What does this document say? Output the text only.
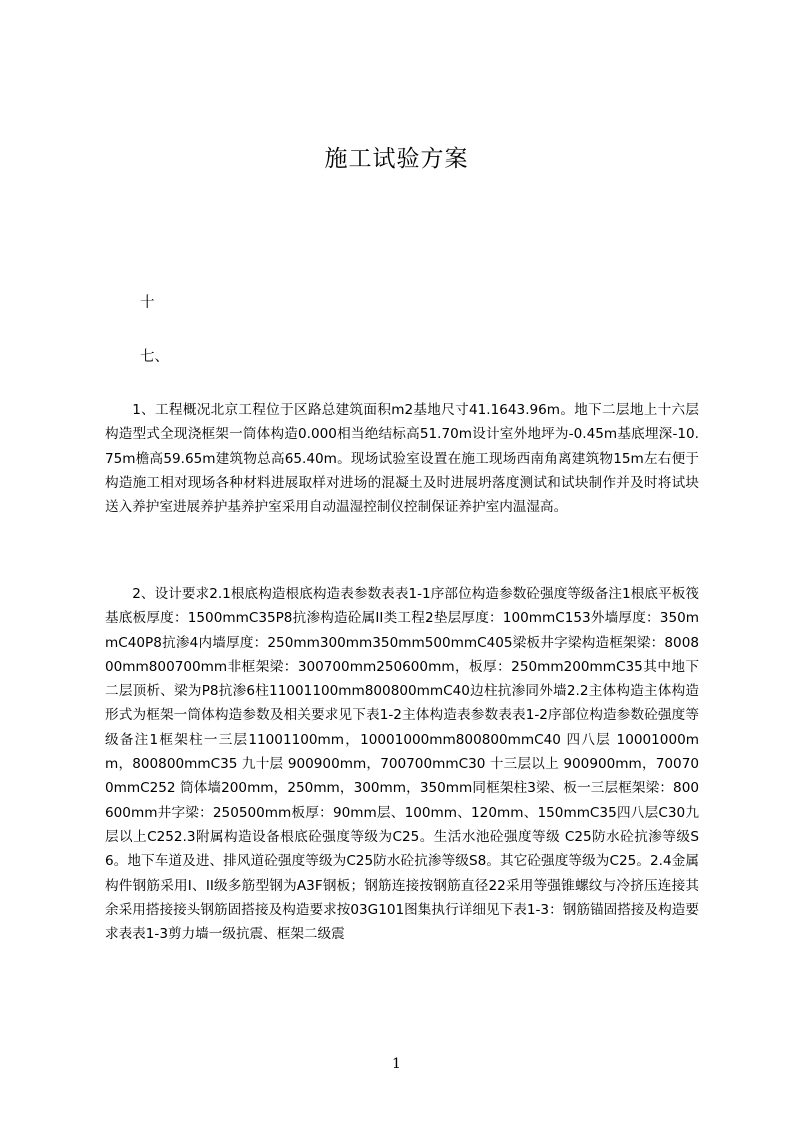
施工试验方案

十

七、

1、工程概况北京工程位于区路总建筑面积m2基地尺寸41.1643.96m。地下二层地上十六层构造型式全现浇框架一筒体构造0.000相当绝结标高51.70m设计室外地坪为-0.45m基底埋深-10.75m檐高59.65m建筑物总高65.40m。现场试验室设置在施工现场西南角离建筑物15m左右便于构造施工相对现场各种材料进展取样对进场的混凝土及时进展坍落度测试和试块制作并及时将试块送入养护室进展养护基养护室采用自动温湿控制仪控制保证养护室内温湿高。

2、设计要求2.1根底构造根底构造表参数表表1-1序部位构造参数砼强度等级备注1根底平板筏基底板厚度：1500mmC35P8抗渗构造砼属II类工程2垫层厚度：100mmC153外墙厚度：350mmC40P8抗渗4内墙厚度：250mm300mm350mm500mmC405梁板井字梁构造框架梁：800800mm800700mm非框架梁：300700mm250600mm，板厚：250mm200mmC35其中地下二层顶析、梁为P8抗渗6柱11001100mm800800mmC40边柱抗渗同外墙2.2主体构造主体构造形式为框架一筒体构造参数及相关要求见下表1-2主体构造表参数表表1-2序部位构造参数砼强度等级备注1框架柱一三层11001100mm，10001000mm800800mmC40 四八层 10001000mm，800800mmC35 九十层 900900mm，700700mmC30 十三层以上 900900mm，700700mmC252 筒体墙200mm，250mm，300mm，350mm同框架柱3梁、板一三层框架梁：800600mm井字梁：250500mm板厚：90mm层、100mm、120mm、150mmC35四八层C30九层以上C252.3附属构造设备根底砼强度等级为C25。生活水池砼强度等级 C25防水砼抗渗等级S6。地下车道及进、排风道砼强度等级为C25防水砼抗渗等级S8。其它砼强度等级为C25。2.4金属构件钢筋采用I、II级多筋型钢为A3F钢板；钢筋连接按钢筋直径22采用等强锥螺纹与冷挤压连接其余采用搭接接头钢筋固搭接及构造要求按03G101图集执行详细见下表1-3：钢筋锚固搭接及构造要求表表1-3剪力墙一级抗震、框架二级震

1
